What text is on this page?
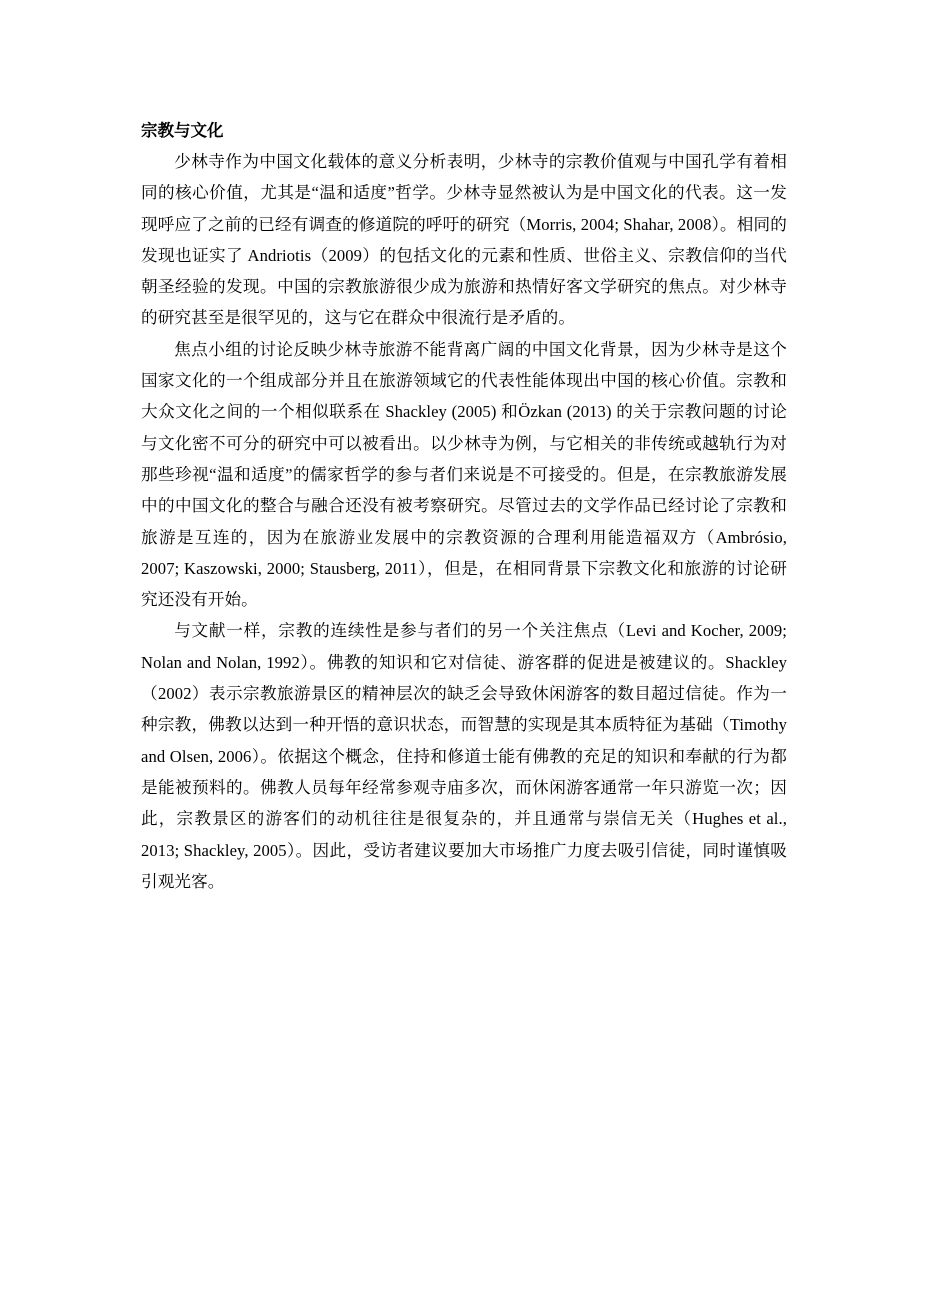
宗教与文化

少林寺作为中国文化载体的意义分析表明，少林寺的宗教价值观与中国孔学有着相同的核心价值，尤其是“温和适度”哲学。少林寺显然被认为是中国文化的代表。这一发现呼应了之前的已经有调查的修道院的呼吁的研究（Morris, 2004; Shahar, 2008）。相同的发现也证实了 Andriotis（2009）的包括文化的元素和性质、世俗主义、宗教信仰的当代朝圣经验的发现。中国的宗教旅游很少成为旅游和热情好客文学研究的焦点。对少林寺的研究甚至是很罕见的，这与它在群众中很流行是矛盾的。

焦点小组的讨论反映少林寺旅游不能背离广阔的中国文化背景，因为少林寺是这个国家文化的一个组成部分并且在旅游领域它的代表性能体现出中国的核心价值。宗教和大众文化之间的一个相似联系在 Shackley (2005) 和Özkan (2013) 的关于宗教问题的讨论与文化密不可分的研究中可以被看出。以少林寺为例，与它相关的非传统或越轨行为对那些珍视“温和适度”的儒家哲学的参与者们来说是不可接受的。但是，在宗教旅游发展中的中国文化的整合与融合还没有被考察研究。尽管过去的文学作品已经讨论了宗教和旅游是互连的，因为在旅游业发展中的宗教资源的合理利用能造福双方（Ambrósio, 2007; Kaszowski, 2000; Stausberg, 2011），但是，在相同背景下宗教文化和旅游的讨论研究还没有开始。

与文献一样，宗教的连续性是参与者们的另一个关注焦点（Levi and Kocher, 2009; Nolan and Nolan, 1992）。佛教的知识和它对信徒、游客群的促进是被建议的。Shackley（2002）表示宗教旅游景区的精神层次的缺乏会导致休闲游客的数目超过信徒。作为一种宗教，佛教以达到一种开悟的意识状态，而智慧的实现是其本质特征为基础（Timothy and Olsen, 2006）。依据这个概念，住持和修道士能有佛教的充足的知识和奉献的行为都是能被预料的。佛教人员每年经常参观寺庙多次，而休闲游客通常一年只游览一次；因此，宗教景区的游客们的动机往往是很复杂的，并且通常与崇信无关（Hughes et al., 2013; Shackley, 2005）。因此，受访者建议要加大市场推广力度去吸引信徒，同时谨慎吸引观光客。
